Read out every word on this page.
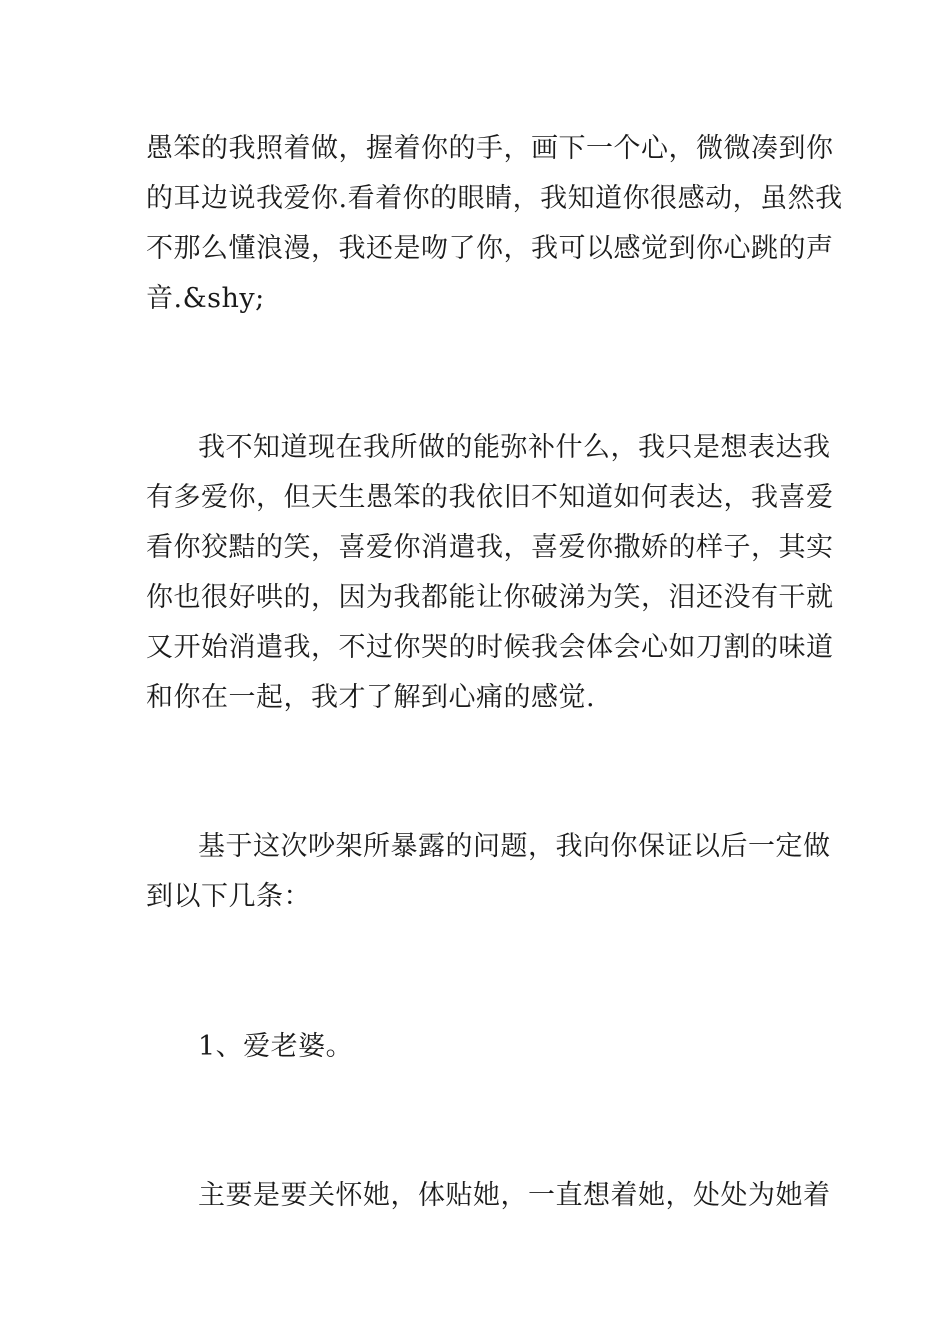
愚笨的我照着做，握着你的手，画下一个心，微微凑到你
的耳边说我爱你.看着你的眼睛，我知道你很感动，虽然我
不那么懂浪漫，我还是吻了你，我可以感觉到你心跳的声
音.&shy;
我不知道现在我所做的能弥补什么，我只是想表达我
有多爱你，但天生愚笨的我依旧不知道如何表达，我喜爱
看你狡黠的笑，喜爱你消遣我，喜爱你撒娇的样子，其实
你也很好哄的，因为我都能让你破涕为笑，泪还没有干就
又开始消遣我，不过你哭的时候我会体会心如刀割的味道
和你在一起，我才了解到心痛的感觉.
基于这次吵架所暴露的问题，我向你保证以后一定做
到以下几条：
1、爱老婆。
主要是要关怀她，体贴她，一直想着她，处处为她着
